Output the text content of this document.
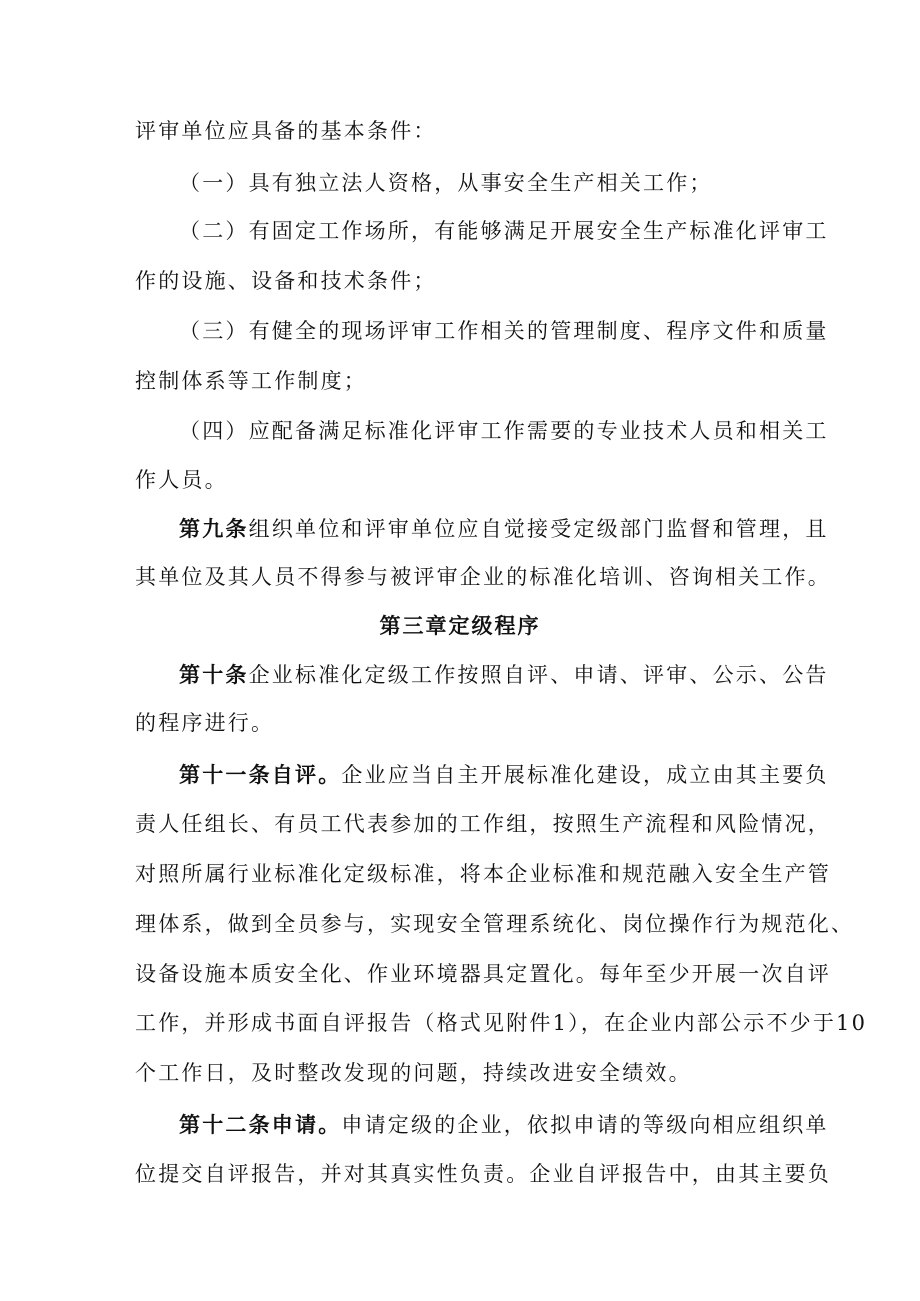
评审单位应具备的基本条件：
（一）具有独立法人资格，从事安全生产相关工作；
（二）有固定工作场所，有能够满足开展安全生产标准化评审工
作的设施、设备和技术条件；
（三）有健全的现场评审工作相关的管理制度、程序文件和质量
控制体系等工作制度；
（四）应配备满足标准化评审工作需要的专业技术人员和相关工
作人员。
第九条组织单位和评审单位应自觉接受定级部门监督和管理，且
其单位及其人员不得参与被评审企业的标准化培训、咨询相关工作。
第三章定级程序
第十条企业标准化定级工作按照自评、申请、评审、公示、公告
的程序进行。
第十一条自评。企业应当自主开展标准化建设，成立由其主要负
责人任组长、有员工代表参加的工作组，按照生产流程和风险情况，
对照所属行业标准化定级标准，将本企业标准和规范融入安全生产管
理体系，做到全员参与，实现安全管理系统化、岗位操作行为规范化、
设备设施本质安全化、作业环境器具定置化。每年至少开展一次自评
工作，并形成书面自评报告（格式见附件1），在企业内部公示不少于10
个工作日，及时整改发现的问题，持续改进安全绩效。
第十二条申请。申请定级的企业，依拟申请的等级向相应组织单
位提交自评报告，并对其真实性负责。企业自评报告中，由其主要负
